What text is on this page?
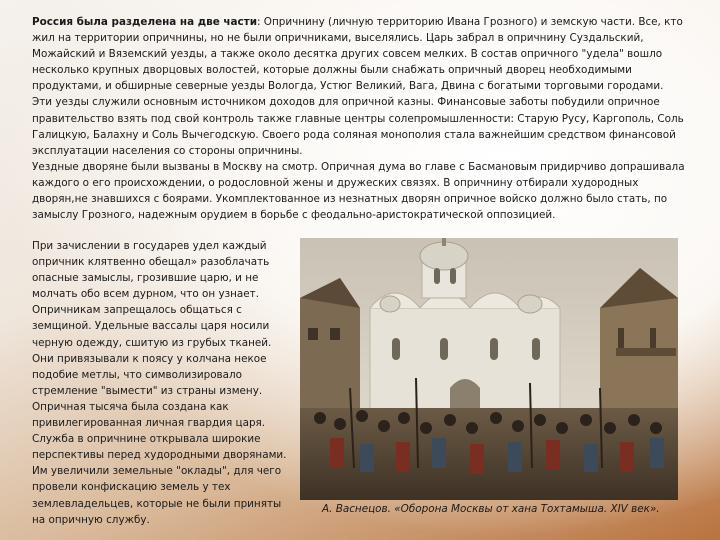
Россия была разделена на две части: Опричнину (личную территорию Ивана Грозного) и земскую части. Все, кто жил на территории опричнины, но не были опричниками, выселялись. Царь забрал в опричнину Суздальский, Можайский и Вяземский уезды, а также около десятка других совсем мелких. В состав опричного "удела" вошло несколько крупных дворцовых волостей, которые должны были снабжать опричный дворец необходимыми продуктами, и обширные северные уезды Вологда, Устюг Великий, Вага, Двина с богатыми торговыми городами.

Эти уезды служили основным источником доходов для опричной казны. Финансовые заботы побудили опричное правительство взять под свой контроль также главные центры солепромышленности: Старую Русу, Каргополь, Соль Галицкую, Балахну и Соль Вычегодскую. Своего рода соляная монополия стала важнейшим средством финансовой эксплуатации населения со стороны опричнины.

Уездные дворяне были вызваны в Москву на смотр. Опричная дума во главе с Басмановым придирчиво допрашивала каждого о его происхождении, о родословной жены и дружеских связях. В опричнину отбирали худородных дворян,не знавшихся с боярами. Укомплектованное из незнатных дворян опричное войско должно было стать, по замыслу Грозного, надежным орудием в борьбе с феодально-аристократической оппозицией.

При зачислении в государев удел каждый опричник клятвенно обещал» разоблачать опасные замыслы, грозившие царю, и не молчать обо всем дурном, что он узнает. Опричникам запрещалось общаться с земщиной. Удельные вассалы царя носили черную одежду, сшитую из грубых тканей. Они привязывали к поясу у колчана некое подобие метлы, что символизировало стремление "вымести" из страны измену.

Опричная тысяча была создана как привилегированная личная гвардия царя. Служба в опричнине открывала широкие перспективы перед худородными дворянами. Им увеличили земельные "оклады", для чего провели конфискацию земель у тех землевладельцев, которые не были приняты на опричную службу.

А. Васнецов. «Оборона Москвы от хана Тохтамыша. XIV век».
